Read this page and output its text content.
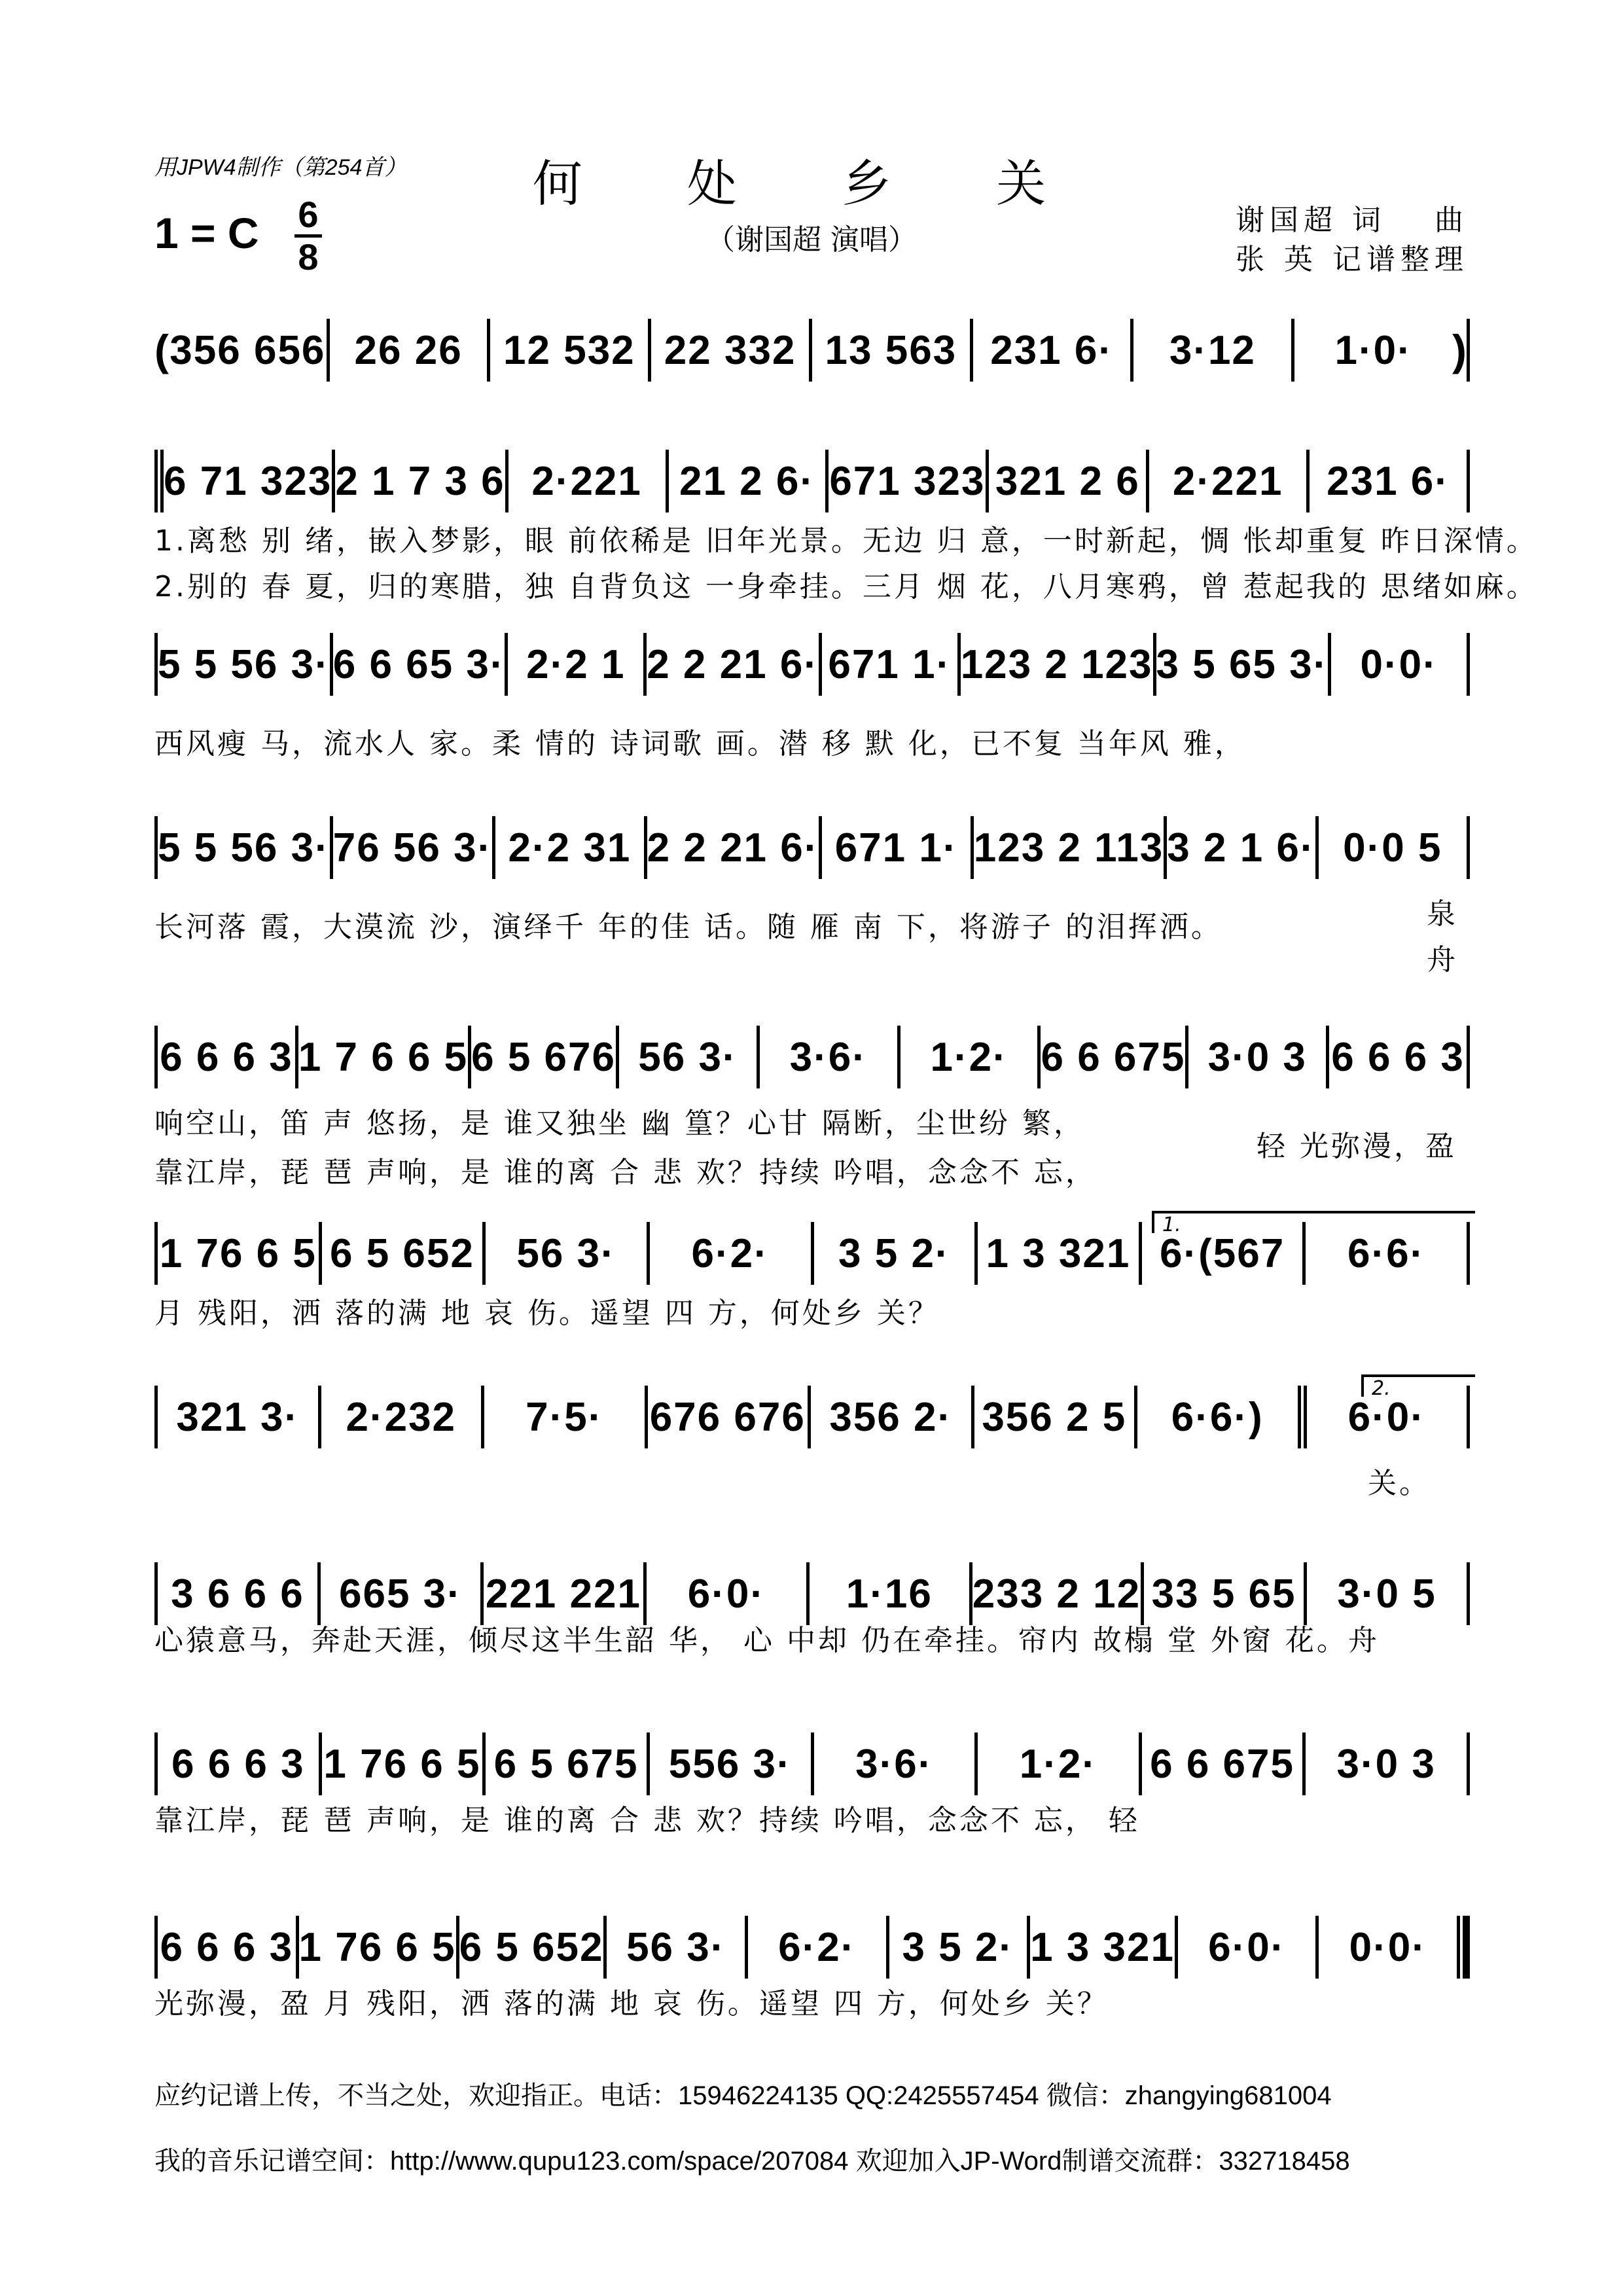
用JPW4制作（第254首）	何 处 乡 关
（谢国超 演唱）
1 = C 6
8
谢国超 词　 曲
张 英 记谱整理
( 356 656 26 26	12 532 22 332 13 563 231 6·	3·12	1·0· )
6 71 323 2 1 7 3 6 2·221 21 2 6· 671 323 321 2 6 2·221	231 6·
1.离愁 别 绪，嵌入梦影，眼 前依稀是 旧年光景。无边 归 意，一时新起，惆 怅却重复 昨日深情。
2.别的 春 夏，归的寒腊，独 自背负这 一身牵挂。三月 烟 花，八月寒鸦，曾 惹起我的 思绪如麻。
5 5 56 3· 6 6 65 3· 2·2 1 2 2 21 6· 671 1· 123 2 123 3 5 65 3· 0·0·
西风瘦 马，流水人 家。柔 情的 诗词歌 画。潜 移 默 化，已不复 当年风 雅，
5 5 56 3· 76 56 3· 2·2 31 2 2 21 6· 671 1· 123 2 113 3 2 1 6· 0·0 5
长河落 霞，大漠流 沙，演绎千 年的佳 话。随 雁 南 下，将游子 的泪挥洒。	泉
舟
6 6 6 3 1 7 6 6 5 6 5 676 56 3·	3·6·	1·2· 6 6 675 3·0 3 6 6 6 3
响空山，笛 声 悠扬，是 谁又独坐 幽 篁？心甘 隔断，尘世纷 繁，
靠江岸，琵 琶 声响，是 谁的离 合 悲 欢？持续 吟唱，念念不 忘，
轻 光弥漫，盈
1 76 6 5 6 5 652	56 3·	6·2·	3 5 2· 1 3 321 6·(567	6·6·
月 残阳，洒 落的满 地 哀 伤。遥望 四 方，何处乡 关？
1.
321 3·	2·232	7·5·	676 676 356 2· 356 2 5	6·6·)	6·0·
关。
2.
3 6 6 6 665 3· 221 221	6·0·	1·16 233 2 12 33 5 65	3·0 5
心猿意马，奔赴天涯，倾尽这半生韶 华， 心 中却 仍在牵挂。帘内 故榻 堂 外窗 花。舟
6 6 6 3 1 76 6 5 6 5 675 556 3·	3·6·	1·2·	6 6 675	3·0 3
靠江岸，琵 琶 声响，是 谁的离 合 悲 欢？持续 吟唱，念念不 忘， 轻
6 6 6 3 1 76 6 5 6 5 652 56 3·	6·2·	3 5 2· 1 3 321 6·0·	0·0·
光弥漫，盈 月 残阳，洒 落的满 地 哀 伤。遥望 四 方，何处乡 关？
应约记谱上传，不当之处，欢迎指正。电话：15946224135 QQ:2425557454 微信：zhangying681004
我的音乐记谱空间：http://www.qupu123.com/space/207084 欢迎加入JP-Word制谱交流群：332718458
